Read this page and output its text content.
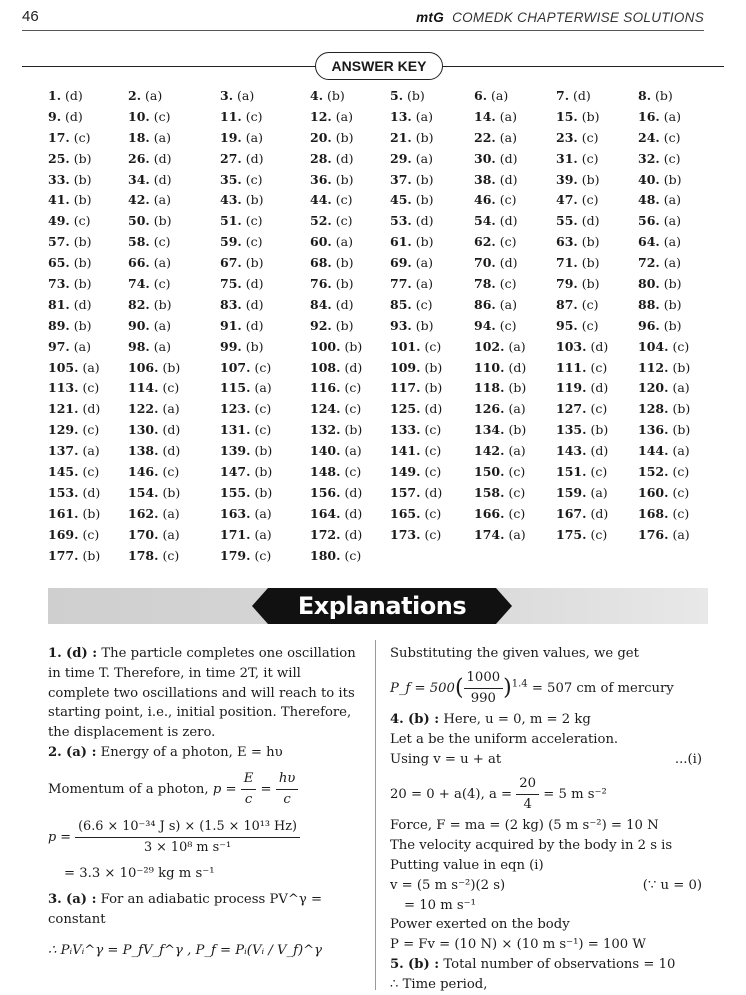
46	mtG COMEDK CHAPTERWISE SOLUTIONS
ANSWER KEY
1. (d)	2. (a)	3. (a)	4. (b)	5. (b)	6. (a)	7. (d)	8. (b)
9. (d)	10. (c)	11. (c)	12. (a)	13. (a)	14. (a)	15. (b)	16. (a)
17. (c)	18. (a)	19. (a)	20. (b)	21. (b)	22. (a)	23. (c)	24. (c)
25. (b)	26. (d)	27. (d)	28. (d)	29. (a)	30. (d)	31. (c)	32. (c)
33. (b)	34. (d)	35. (c)	36. (b)	37. (b)	38. (d)	39. (b)	40. (b)
41. (b)	42. (a)	43. (b)	44. (c)	45. (b)	46. (c)	47. (c)	48. (a)
49. (c)	50. (b)	51. (c)	52. (c)	53. (d)	54. (d)	55. (d)	56. (a)
57. (b)	58. (c)	59. (c)	60. (a)	61. (b)	62. (c)	63. (b)	64. (a)
65. (b)	66. (a)	67. (b)	68. (b)	69. (a)	70. (d)	71. (b)	72. (a)
73. (b)	74. (c)	75. (d)	76. (b)	77. (a)	78. (c)	79. (b)	80. (b)
81. (d)	82. (b)	83. (d)	84. (d)	85. (c)	86. (a)	87. (c)	88. (b)
89. (b)	90. (a)	91. (d)	92. (b)	93. (b)	94. (c)	95. (c)	96. (b)
97. (a)	98. (a)	99. (b)	100. (b) 101. (c)	102. (a) 103. (d) 104. (c)
105. (a) 106. (b)	107. (c)	108. (d) 109. (b)	110. (d) 111. (c) 112. (b)
113. (c) 114. (c)	115. (a)	116. (c) 117. (b)	118. (b) 119. (d) 120. (a)
121. (d) 122. (a)	123. (c)	124. (c) 125. (d)	126. (a) 127. (c) 128. (b)
129. (c) 130. (d)	131. (c)	132. (b) 133. (c)	134. (b) 135. (b) 136. (b)
137. (a) 138. (d)	139. (b)	140. (a) 141. (c)	142. (a) 143. (d) 144. (a)
145. (c) 146. (c)	147. (b)	148. (c) 149. (c)	150. (c) 151. (c) 152. (c)
153. (d) 154. (b)	155. (b)	156. (d) 157. (d)	158. (c) 159. (a) 160. (c)
161. (b) 162. (a)	163. (a)	164. (d) 165. (c)	166. (c) 167. (d) 168. (c)
169. (c) 170. (a)	171. (a)	172. (d) 173. (c)	174. (a) 175. (c) 176. (a)
177. (b) 178. (c)	179. (c)	180. (c)
Explanations

1. (d) : The particle completes one oscillation in time T. Therefore, in time 2T, it will complete two oscillations and will reach to its starting point, i.e., initial position. Therefore, the displacement is zero.

2. (a) : Energy of a photon, E = hυ

Momentum of a photon, $p = \frac{E}{c} = \frac{h\upsilon}{c}$

$p = \frac{\text{(6.6 × 10⁻³⁴ J s) × (1.5 × 10¹³ Hz)}}{\text{3 × 10⁸ m s⁻¹}}$

= 3.3 × 10⁻²⁹ kg m s⁻¹

3. (a) : For an adiabatic process PV^γ = constant

∴ PᵢVᵢ^γ = P_fV_f^γ , P_f = Pᵢ(Vᵢ / V_f)^γ

Substituting the given values, we get

P_f = $500( \frac{1000}{990} )^{1.4} = 507$ cm of mercury

4. (b) : Here, u = 0, m = 2 kg

Let a be the uniform acceleration.

Using v = u + at	...(i)

20 = 0 + a(4), $a = \frac{20}{4} = 5$ m s⁻²

Force, F = ma = (2 kg) (5 m s⁻²) = 10 N

The velocity acquired by the body in 2 s is

Putting value in eqn (i)

v = (5 m s⁻²)(2 s)	(∵ u = 0)

= 10 m s⁻¹

Power exerted on the body

P = Fv = (10 N) × (10 m s⁻¹) = 100 W

5. (b) : Total number of observations = 10

∴ Time period,
